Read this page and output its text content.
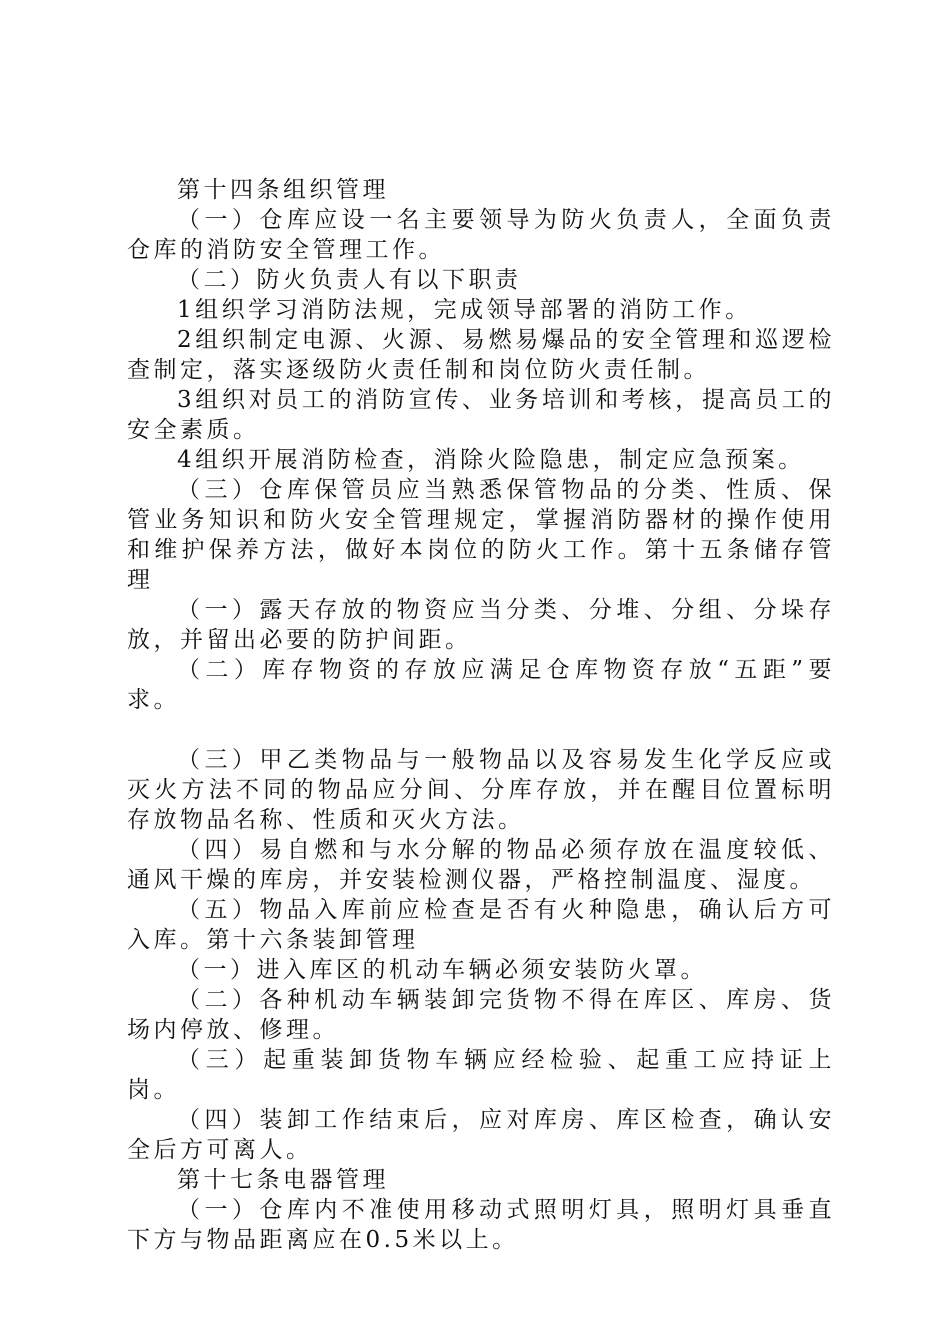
第十四条组织管理

（一）仓库应设一名主要领导为防火负责人，全面负责仓库的消防安全管理工作。

（二）防火负责人有以下职责

1组织学习消防法规，完成领导部署的消防工作。

2组织制定电源、火源、易燃易爆品的安全管理和巡逻检查制定，落实逐级防火责任制和岗位防火责任制。

3组织对员工的消防宣传、业务培训和考核，提高员工的安全素质。

4组织开展消防检查，消除火险隐患，制定应急预案。

（三）仓库保管员应当熟悉保管物品的分类、性质、保管业务知识和防火安全管理规定，掌握消防器材的操作使用和维护保养方法，做好本岗位的防火工作。第十五条储存管理

（一）露天存放的物资应当分类、分堆、分组、分垛存放，并留出必要的防护间距。

（二）库存物资的存放应满足仓库物资存放“五距”要求。

（三）甲乙类物品与一般物品以及容易发生化学反应或灭火方法不同的物品应分间、分库存放，并在醒目位置标明存放物品名称、性质和灭火方法。

（四）易自燃和与水分解的物品必须存放在温度较低、通风干燥的库房，并安装检测仪器，严格控制温度、湿度。

（五）物品入库前应检查是否有火种隐患，确认后方可入库。第十六条装卸管理

（一）进入库区的机动车辆必须安装防火罩。

（二）各种机动车辆装卸完货物不得在库区、库房、货场内停放、修理。

（三）起重装卸货物车辆应经检验、起重工应持证上岗。

（四）装卸工作结束后，应对库房、库区检查，确认安全后方可离人。

第十七条电器管理

（一）仓库内不准使用移动式照明灯具，照明灯具垂直下方与物品距离应在0.5米以上。
